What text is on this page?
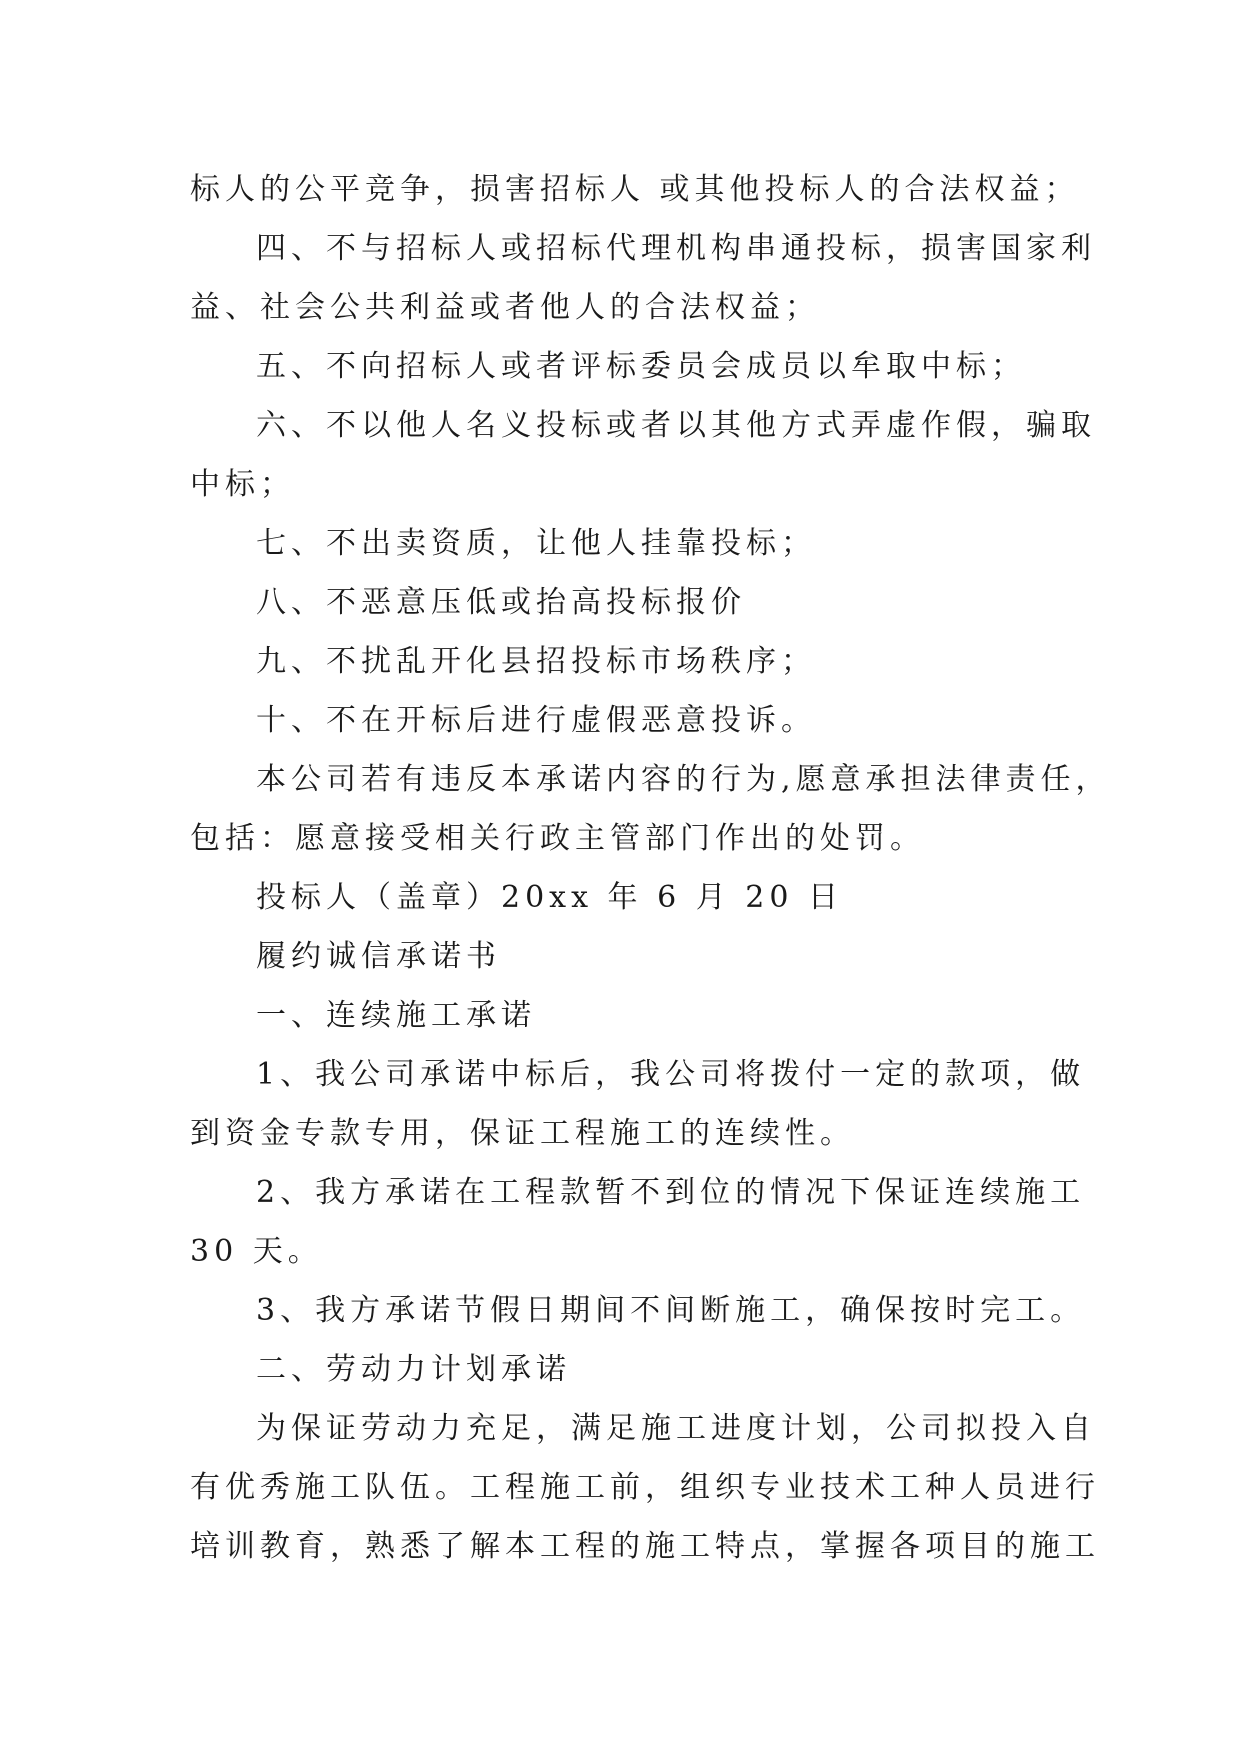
标人的公平竞争，损害招标人 或其他投标人的合法权益；
四、不与招标人或招标代理机构串通投标，损害国家利
益、社会公共利益或者他人的合法权益；
五、不向招标人或者评标委员会成员以牟取中标；
六、不以他人名义投标或者以其他方式弄虚作假，骗取
中标；
七、不出卖资质，让他人挂靠投标；
八、不恶意压低或抬高投标报价
九、不扰乱开化县招投标市场秩序；
十、不在开标后进行虚假恶意投诉。
本公司若有违反本承诺内容的行为,愿意承担法律责任，
包括：愿意接受相关行政主管部门作出的处罚。
投标人（盖章）20xx 年 6 月 20 日
履约诚信承诺书
一、连续施工承诺
1、我公司承诺中标后，我公司将拨付一定的款项，做
到资金专款专用，保证工程施工的连续性。
2、我方承诺在工程款暂不到位的情况下保证连续施工
30 天。
3、我方承诺节假日期间不间断施工，确保按时完工。
二、劳动力计划承诺
为保证劳动力充足，满足施工进度计划，公司拟投入自
有优秀施工队伍。工程施工前，组织专业技术工种人员进行
培训教育，熟悉了解本工程的施工特点，掌握各项目的施工
